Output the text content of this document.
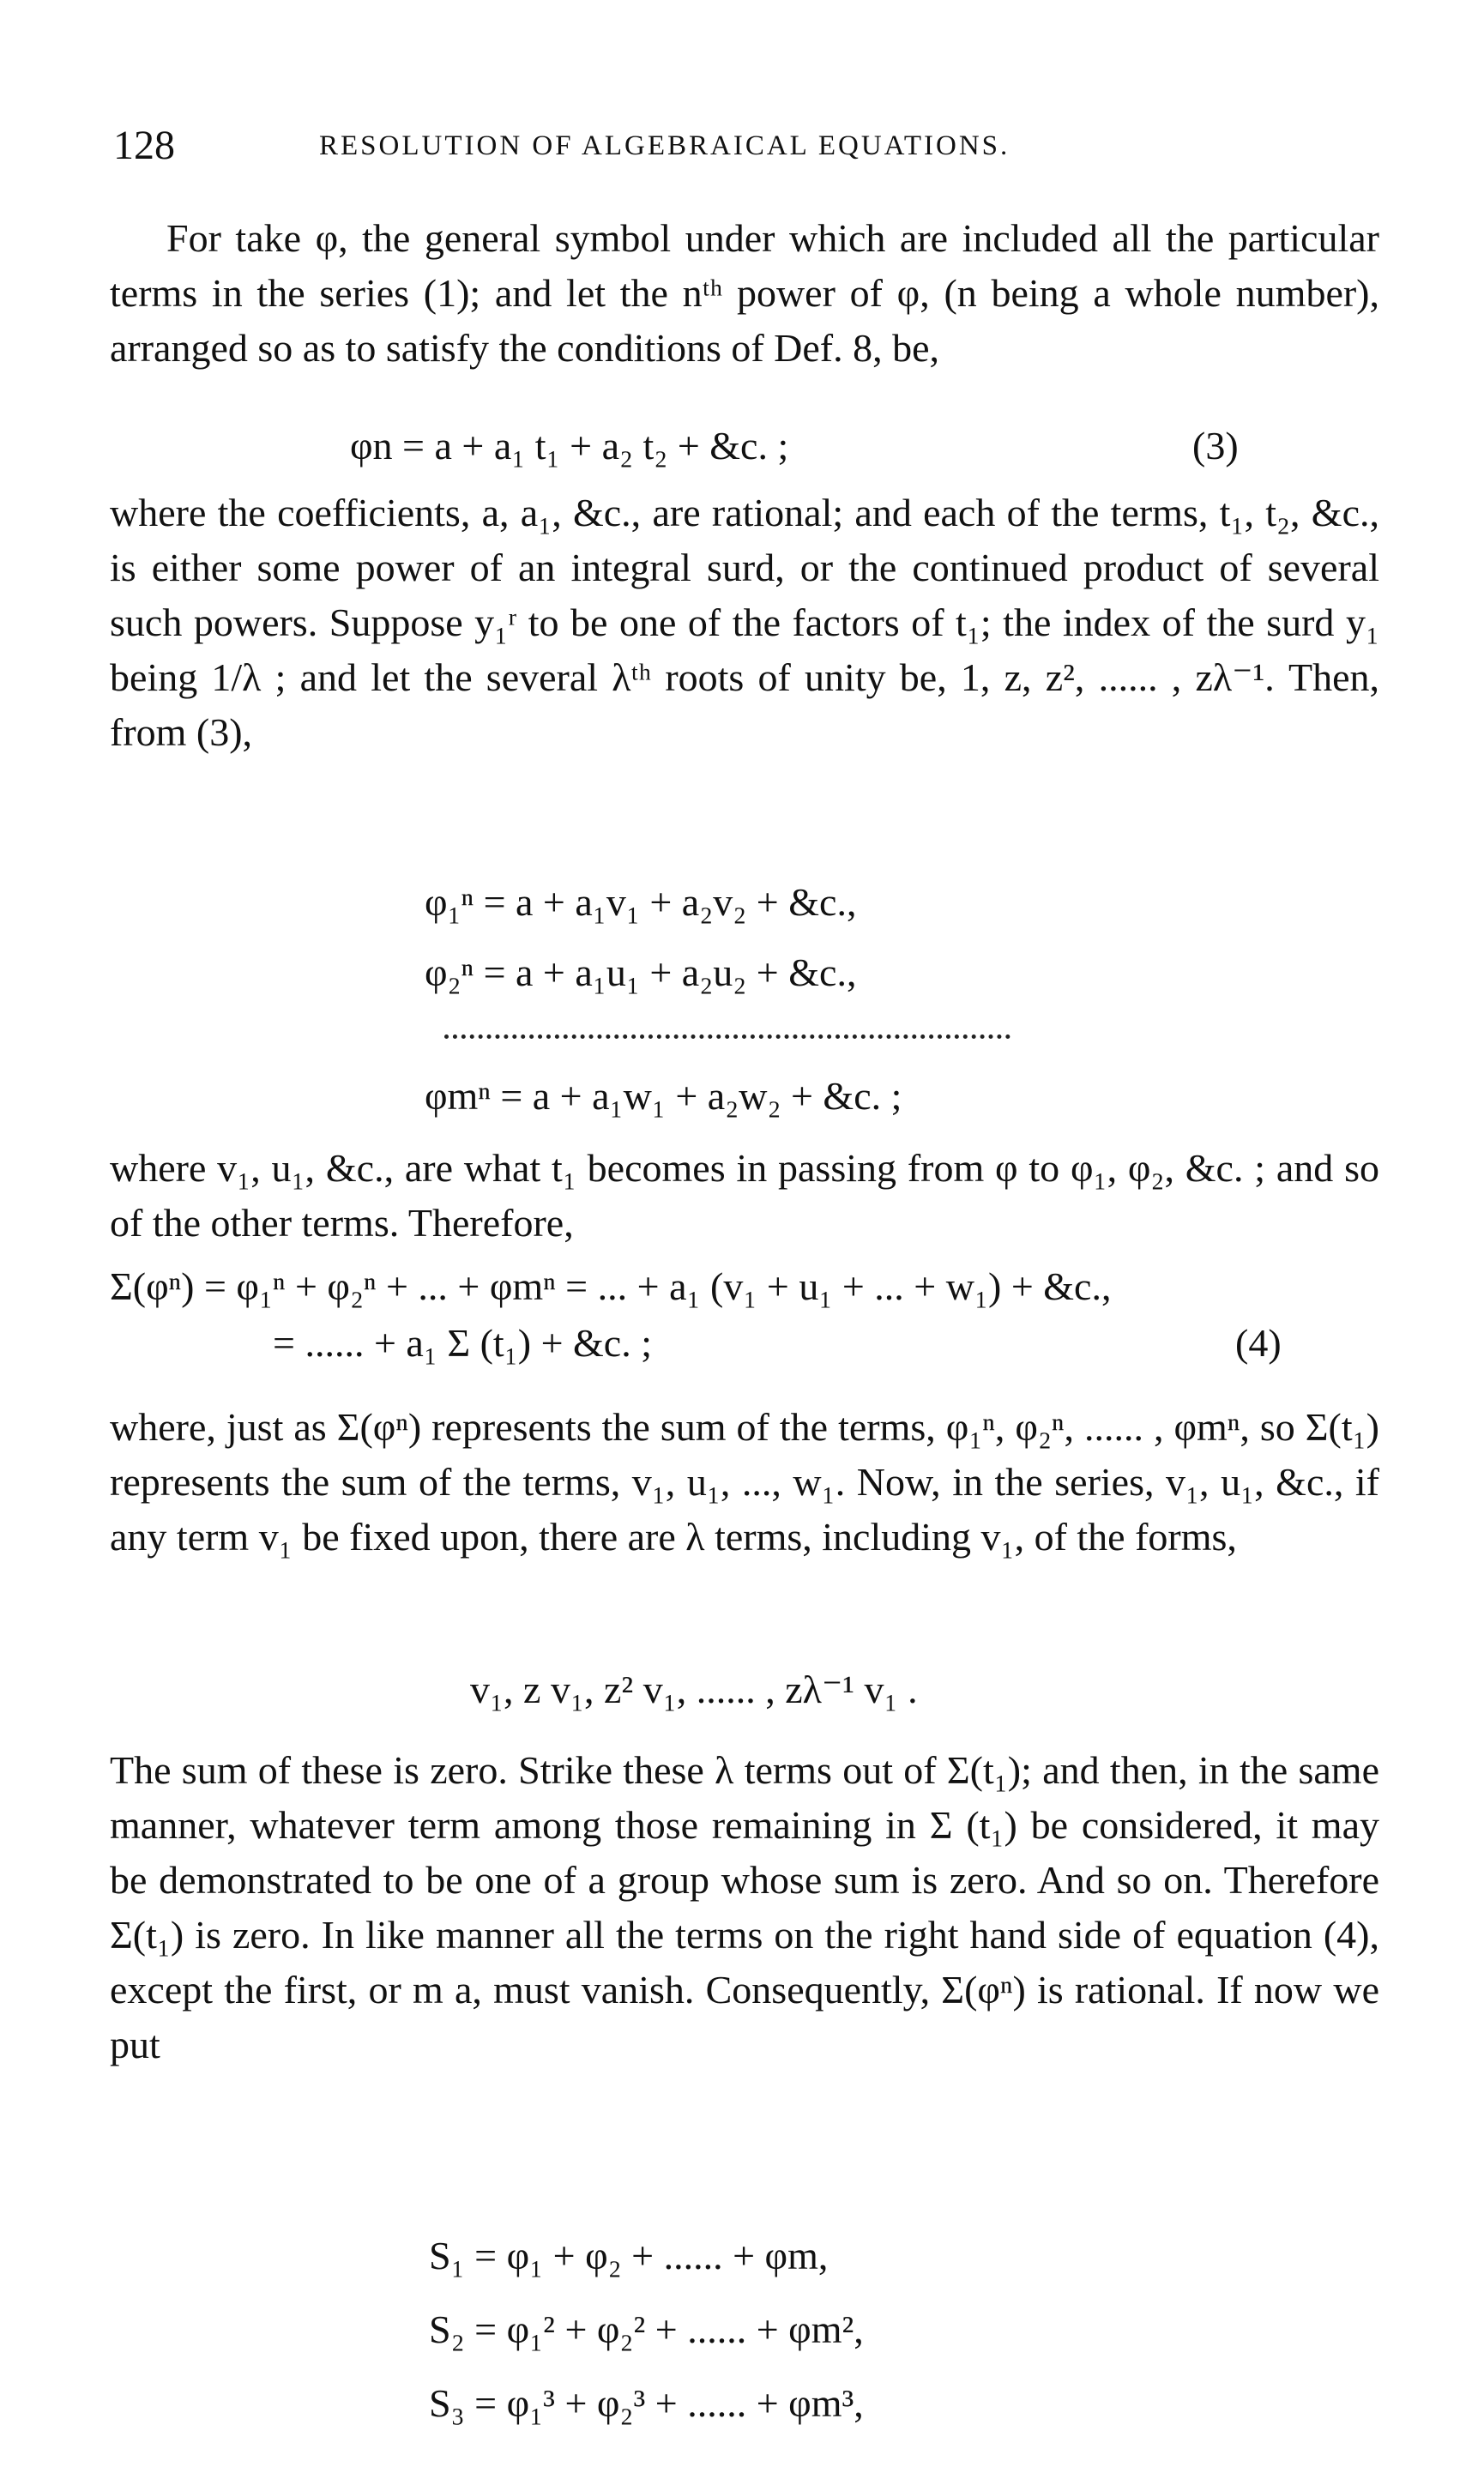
128	RESOLUTION OF ALGEBRAICAL EQUATIONS.

For take φ, the general symbol under which are included all the particular terms in the series (1); and let the nᵗʰ power of φ, (n being a whole number), arranged so as to satisfy the conditions of Def. 8, be,

φn = a + a₁ t₁ + a₂ t₂ + &c. ;	(3)

where the coefficients, a, a₁, &c., are rational; and each of the terms, t₁, t₂, &c., is either some power of an integral surd, or the continued product of several such powers. Suppose y₁ʳ to be one of the factors of t₁; the index of the surd y₁ being 1/λ ; and let the several λᵗʰ roots of unity be, 1, z, z², ...... , zλ⁻¹. Then, from (3),

φ₁ⁿ = a + a₁v₁ + a₂v₂ + &c.,
φ₂ⁿ = a + a₁u₁ + a₂u₂ + &c.,
φmⁿ = a + a₁w₁ + a₂w₂ + &c. ;

where v₁, u₁, &c., are what t₁ becomes in passing from φ to φ₁, φ₂, &c. ; and so of the other terms. Therefore,

Σ(φⁿ) = φ₁ⁿ + φ₂ⁿ + ... + φmⁿ = ... + a₁ (v₁ + u₁ + ... + w₁) + &c.,
= ...... + a₁ Σ (t₁) + &c. ;	(4)

where, just as Σ(φⁿ) represents the sum of the terms, φ₁ⁿ, φ₂ⁿ, ...... , φmⁿ, so Σ(t₁) represents the sum of the terms, v₁, u₁, ..., w₁. Now, in the series, v₁, u₁, &c., if any term v₁ be fixed upon, there are λ terms, including v₁, of the forms,

v₁, z v₁, z² v₁, ...... , zλ⁻¹ v₁ .

The sum of these is zero. Strike these λ terms out of Σ(t₁); and then, in the same manner, whatever term among those remaining in Σ (t₁) be considered, it may be demonstrated to be one of a group whose sum is zero. And so on. Therefore Σ(t₁) is zero. In like manner all the terms on the right hand side of equation (4), except the first, or m a, must vanish. Consequently, Σ(φⁿ) is rational. If now we put

S₁ = φ₁ + φ₂ + ...... + φm,
S₂ = φ₁² + φ₂² + ...... + φm²,
S₃ = φ₁³ + φ₂³ + ...... + φm³,
